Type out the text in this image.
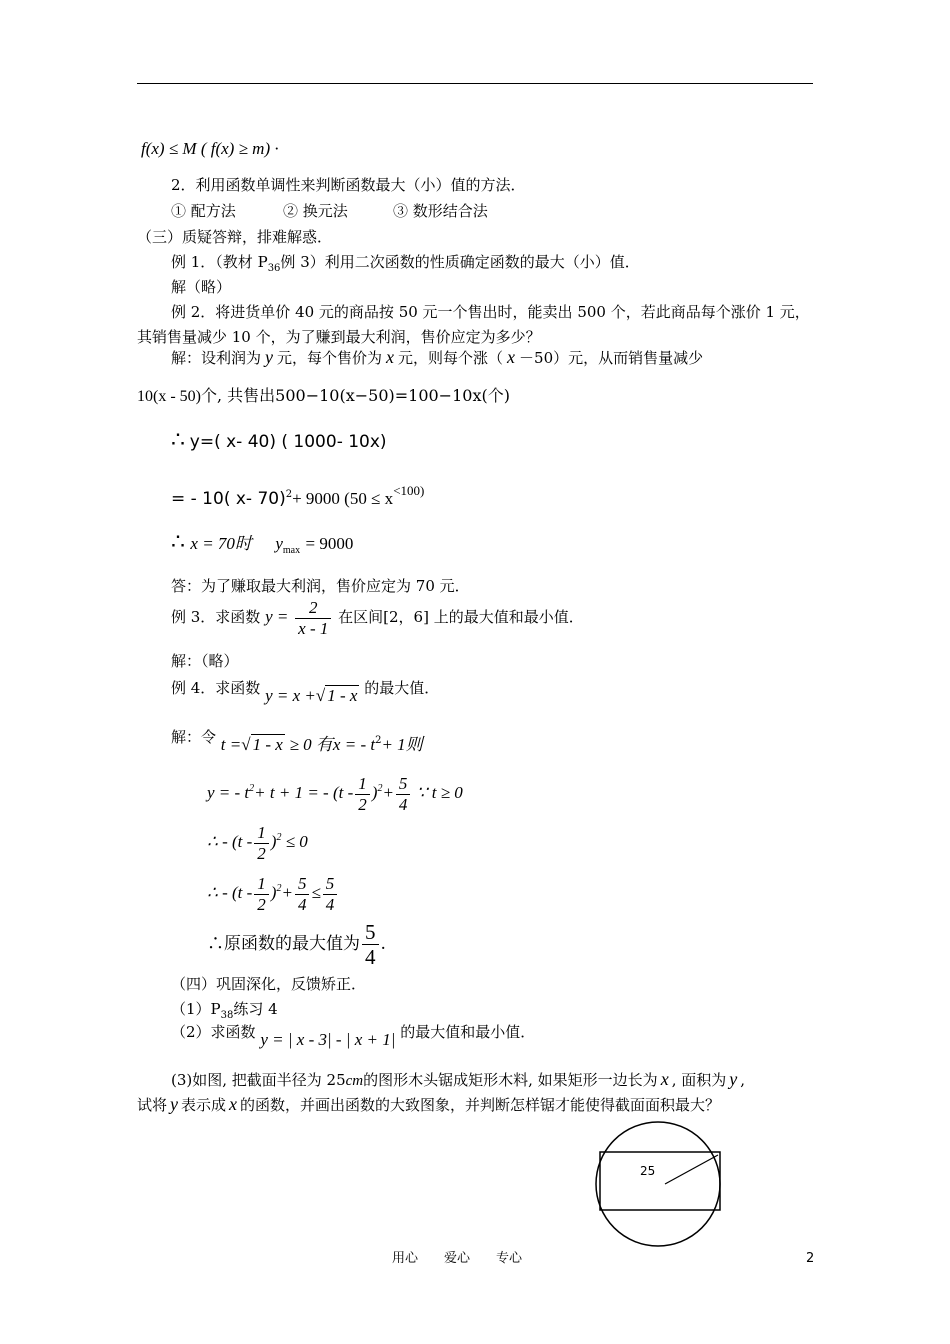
f(x) ≤ M ( f(x) ≥ m) ·
2．利用函数单调性来判断函数最大（小）值的方法．
① 配方法	② 换元法	③ 数形结合法
（三）质疑答辩，排难解惑．
例 1．（教材 $P_{36}$例 3）利用二次函数的性质确定函数的最大（小）值．
解（略）
例 2．将进货单价 40 元的商品按 50 元一个售出时，能卖出 500 个，若此商品每个涨价 1 元，
其销售量减少 10 个，为了赚到最大利润，售价应定为多少？
解：设利润为 y 元，每个售价为 x 元，则每个涨（ x －50）元，从而销售量减少
10(x - 50)个, 共售出500−10(x−50)=100−10x(个)
∴ y=( x- 40) ( 1000- 10x)
= - 10( x- 70)$^2$+ 9000 ($50 \le x^{<100)}$
∴ x = 70时 $y_{max} = 9000$
答：为了赚取最大利润，售价应定为 70 元．
例 3．求函数 $y = \frac{2}{x - 1}$ 在区间[2，6] 上的最大值和最小值．
解：（略）
例 4．求函数 y = x +√ 1 - x 的最大值．
解：令 t =√ 1 - x ≥ 0 有x = - $t^2+ 1$则
y = - $t^2+ t + 1$ = - $(t - \frac{1}{2} )^2+ \frac{5}{4}$ ∵ t ≥ 0
∴ - $(t - \frac{1}{2} )^2 \le 0$
∴ - $(t - \frac{1}{2} )^2+ \frac{5}{4} \le \frac{5}{4}$
∴原函数的最大值为 $\frac{5}{4}$ .
（四）巩固深化，反馈矫正．
$(1)P_{38}$练习 4
（2）求函数 y = | x - 3| - | x + 1| 的最大值和最小值．
(3)如图, 把截面半径为 25cm的图形木头锯成矩形木料, 如果矩形一边长为 x , 面积为 y ,
试将 y 表示成 x 的函数，并画出函数的大致图象，并判断怎样锯才能使得截面面积最大？
25
用心　　爱心　　专心	2
